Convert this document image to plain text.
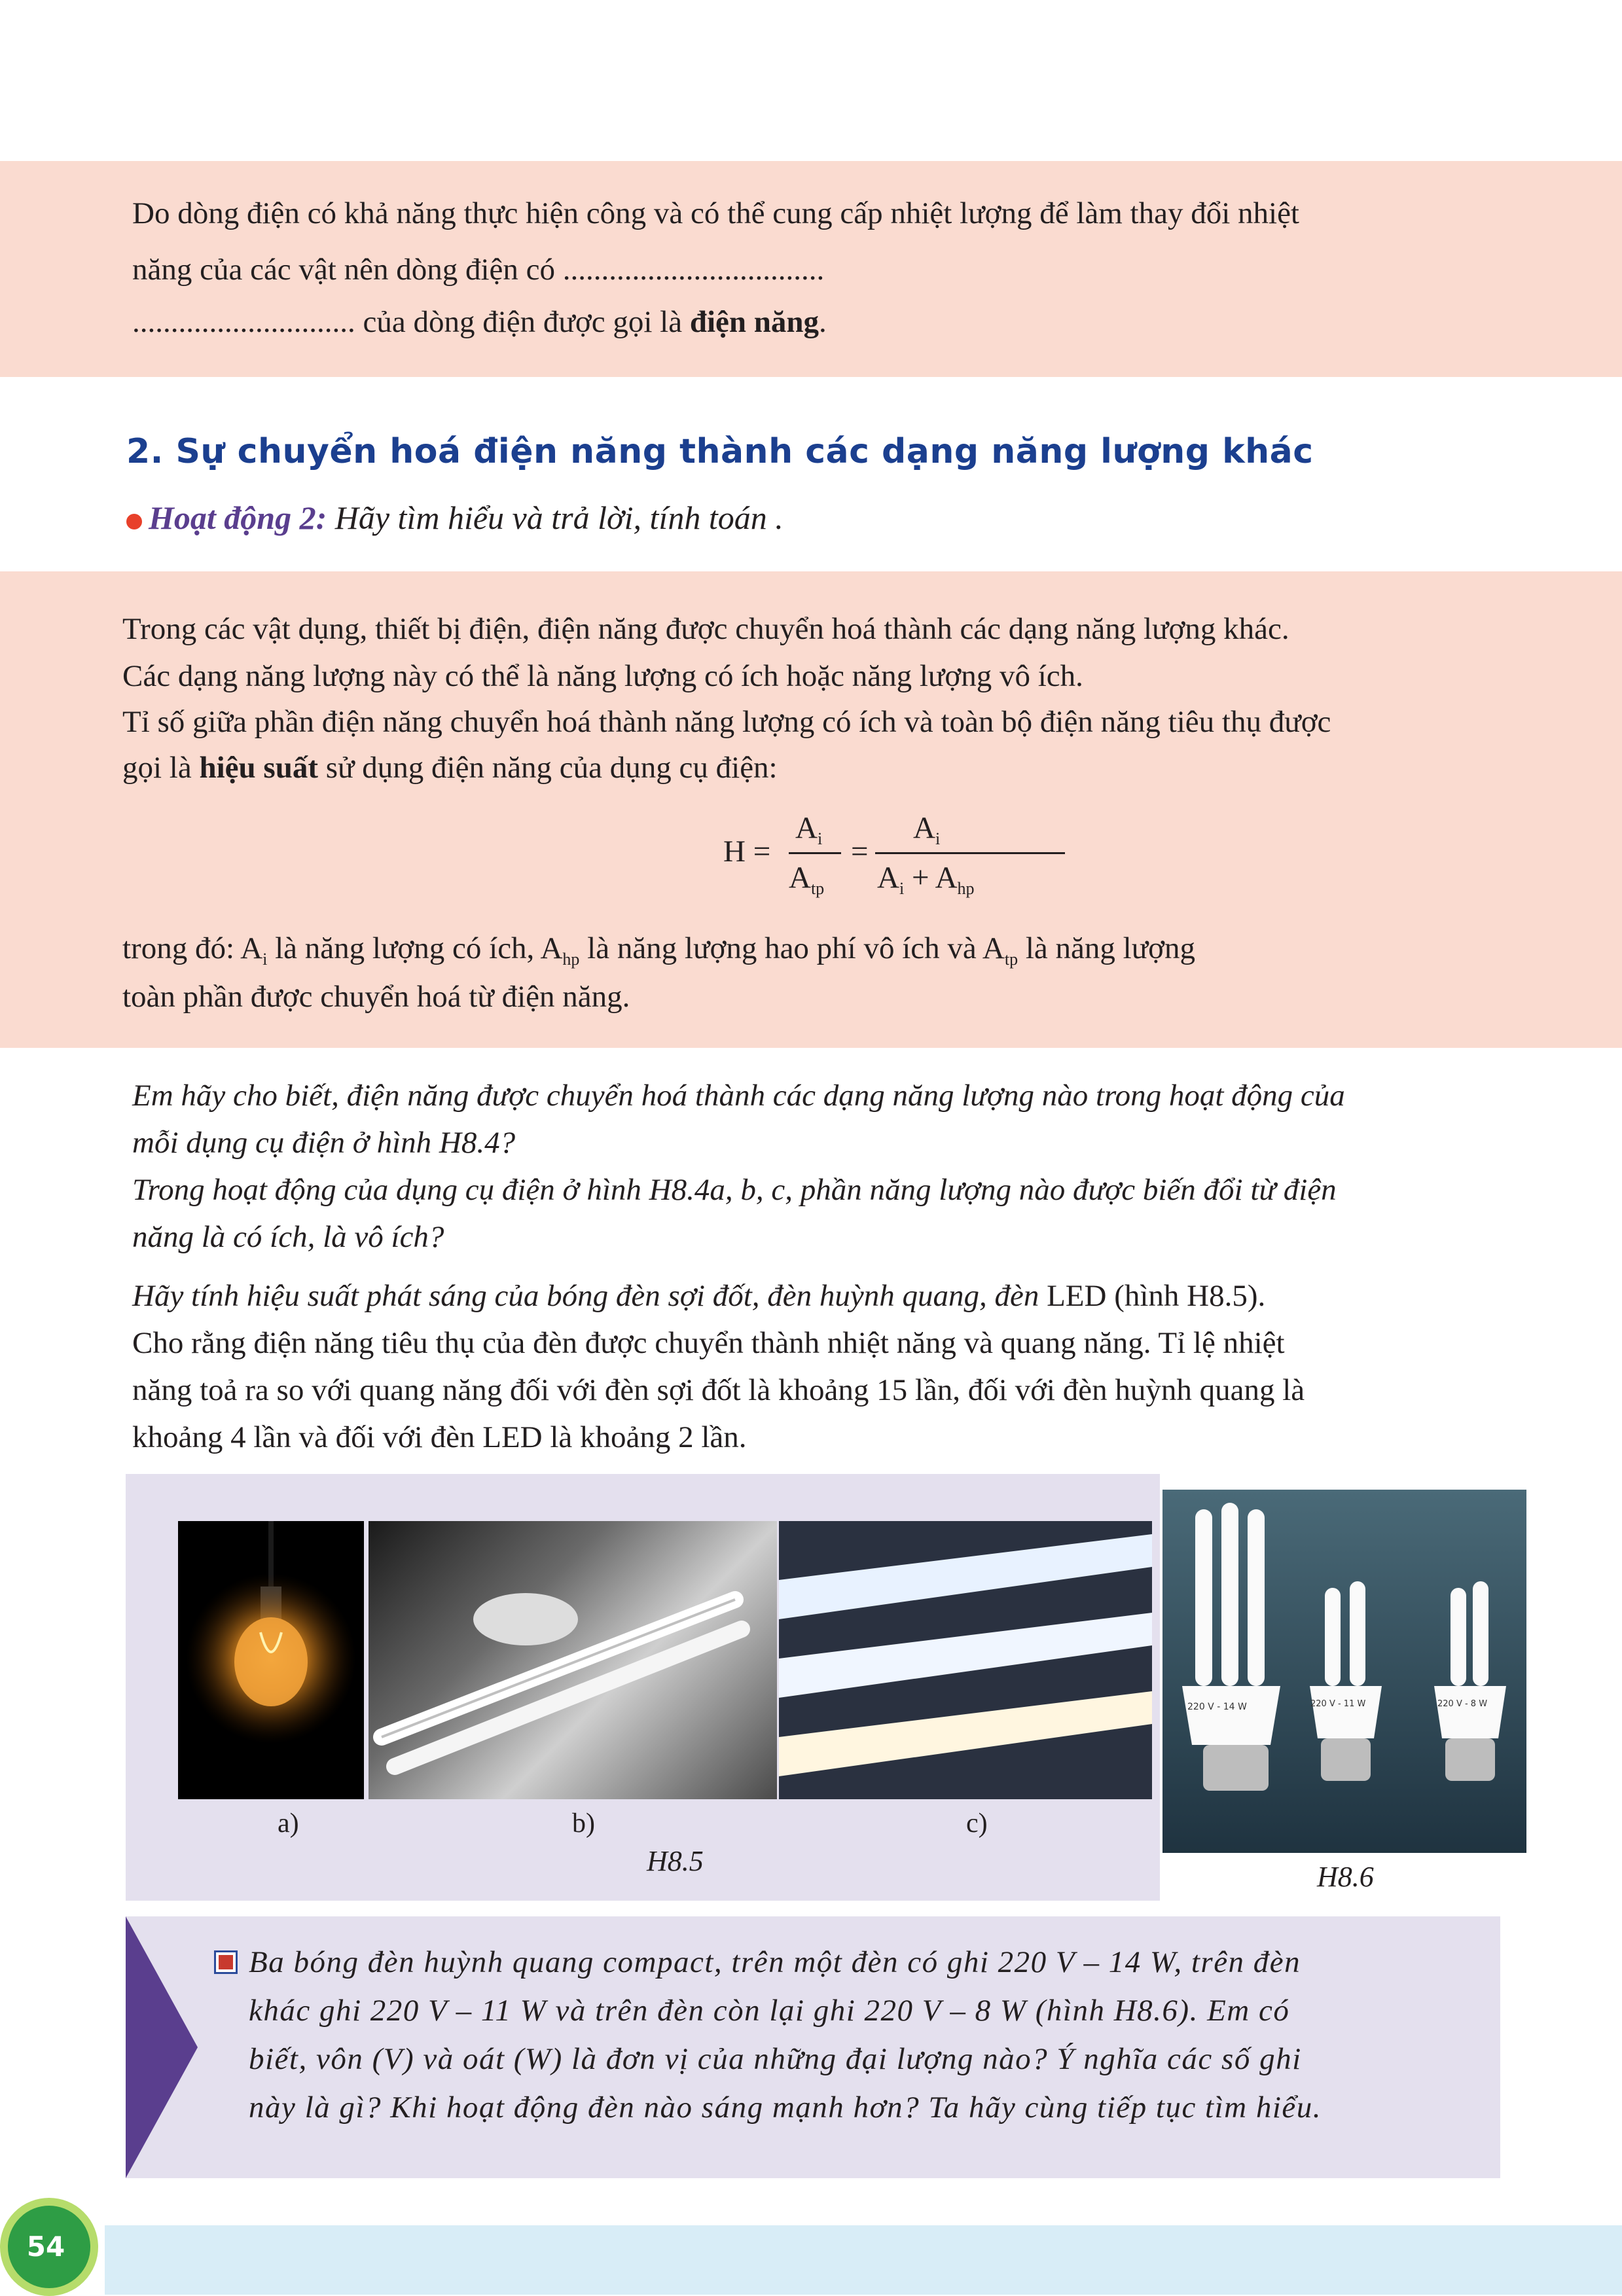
Do dòng điện có khả năng thực hiện công và có thể cung cấp nhiệt lượng để làm thay đổi nhiệt

năng của các vật nên dòng điện có ..................................

............................. của dòng điện được gọi là điện năng.

2. Sự chuyển hoá điện năng thành các dạng năng lượng khác
Hoạt động 2: Hãy tìm hiểu và trả lời, tính toán .

Trong các vật dụng, thiết bị điện, điện năng được chuyển hoá thành các dạng năng lượng khác.

Các dạng năng lượng này có thể là năng lượng có ích hoặc năng lượng vô ích.

Tỉ số giữa phần điện năng chuyển hoá thành năng lượng có ích và toàn bộ điện năng tiêu thụ được

gọi là hiệu suất sử dụng điện năng của dụng cụ điện:

trong đó: $A_i$ là năng lượng có ích, $A_{hp}$ là năng lượng hao phí vô ích và $A_{tp}$ là năng lượng

toàn phần được chuyển hoá từ điện năng.

H =
$A_i$
$A_{tp}$
=
$A_i$
$A_i + A_{hp}$

Em hãy cho biết, điện năng được chuyển hoá thành các dạng năng lượng nào trong hoạt động của

mỗi dụng cụ điện ở hình H8.4?

Trong hoạt động của dụng cụ điện ở hình H8.4a, b, c, phần năng lượng nào được biến đổi từ điện

năng là có ích, là vô ích?

Hãy tính hiệu suất phát sáng của bóng đèn sợi đốt, đèn huỳnh quang, đèn LED (hình H8.5).

Cho rằng điện năng tiêu thụ của đèn được chuyển thành nhiệt năng và quang năng. Tỉ lệ nhiệt

năng toả ra so với quang năng đối với đèn sợi đốt là khoảng 15 lần, đối với đèn huỳnh quang là

khoảng 4 lần và đối với đèn LED là khoảng 2 lần.

220 V - 14 W	220 V - 11 W	220 V - 8 W
a)	b)	c)
H8.5	H8.6

Ba bóng đèn huỳnh quang compact, trên một đèn có ghi 220 V – 14 W, trên đèn

khác ghi 220 V – 11 W và trên đèn còn lại ghi 220 V – 8 W (hình H8.6). Em có

biết, vôn (V) và oát (W) là đơn vị của những đại lượng nào? Ý nghĩa các số ghi

này là gì? Khi hoạt động đèn nào sáng mạnh hơn? Ta hãy cùng tiếp tục tìm hiểu.

54
